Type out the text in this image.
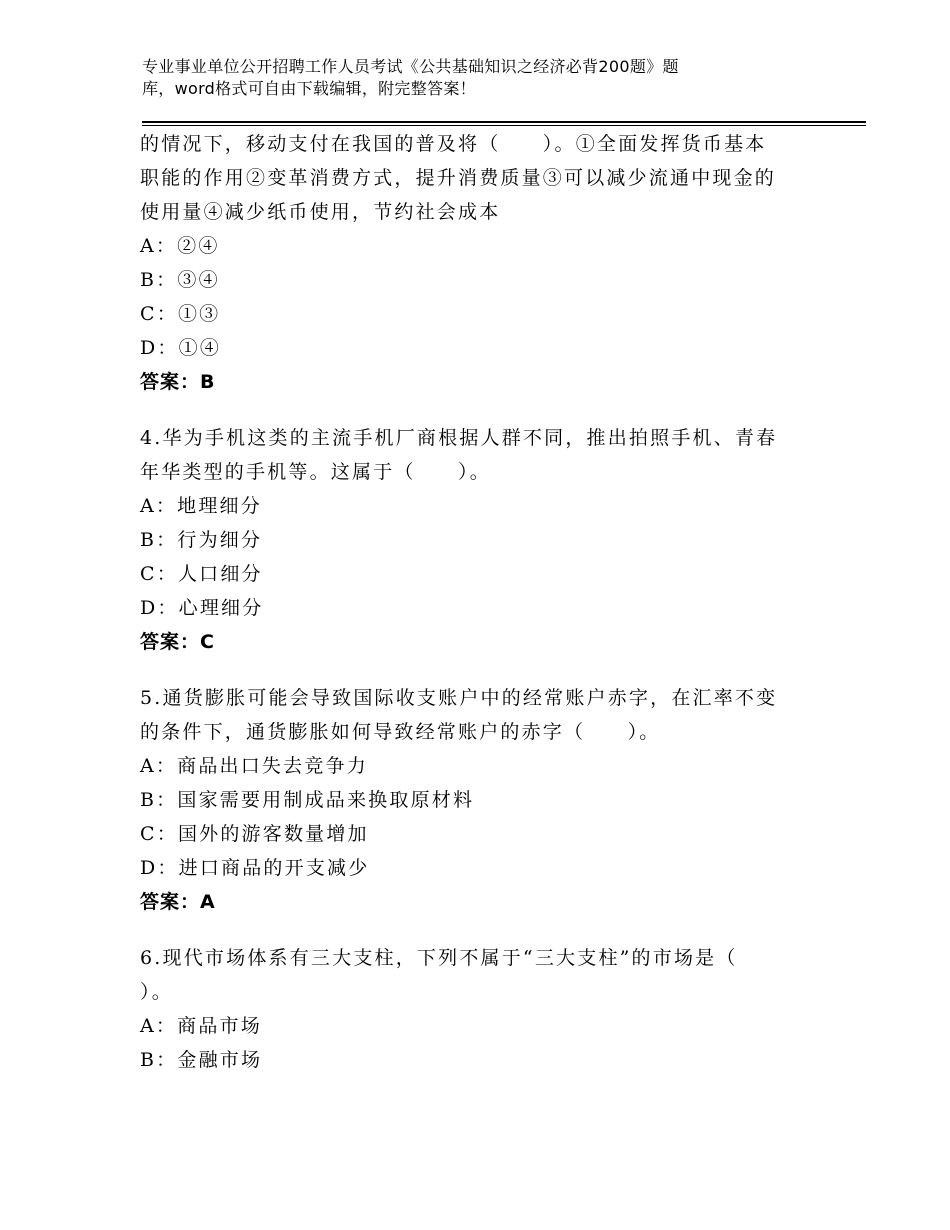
专业事业单位公开招聘工作人员考试《公共基础知识之经济必背200题》题
库，word格式可自由下载编辑，附完整答案！
的情况下，移动支付在我国的普及将（　　）。①全面发挥货币基本
职能的作用②变革消费方式，提升消费质量③可以减少流通中现金的
使用量④减少纸币使用，节约社会成本
A：②④
B：③④
C：①③
D：①④
答案：B
4.华为手机这类的主流手机厂商根据人群不同，推出拍照手机、青春
年华类型的手机等。这属于（　　）。
A：地理细分
B：行为细分
C：人口细分
D：心理细分
答案：C
5.通货膨胀可能会导致国际收支账户中的经常账户赤字，在汇率不变
的条件下，通货膨胀如何导致经常账户的赤字（　　）。
A：商品出口失去竞争力
B：国家需要用制成品来换取原材料
C：国外的游客数量增加
D：进口商品的开支减少
答案：A
6.现代市场体系有三大支柱，下列不属于“三大支柱”的市场是（
）。
A：商品市场
B：金融市场
